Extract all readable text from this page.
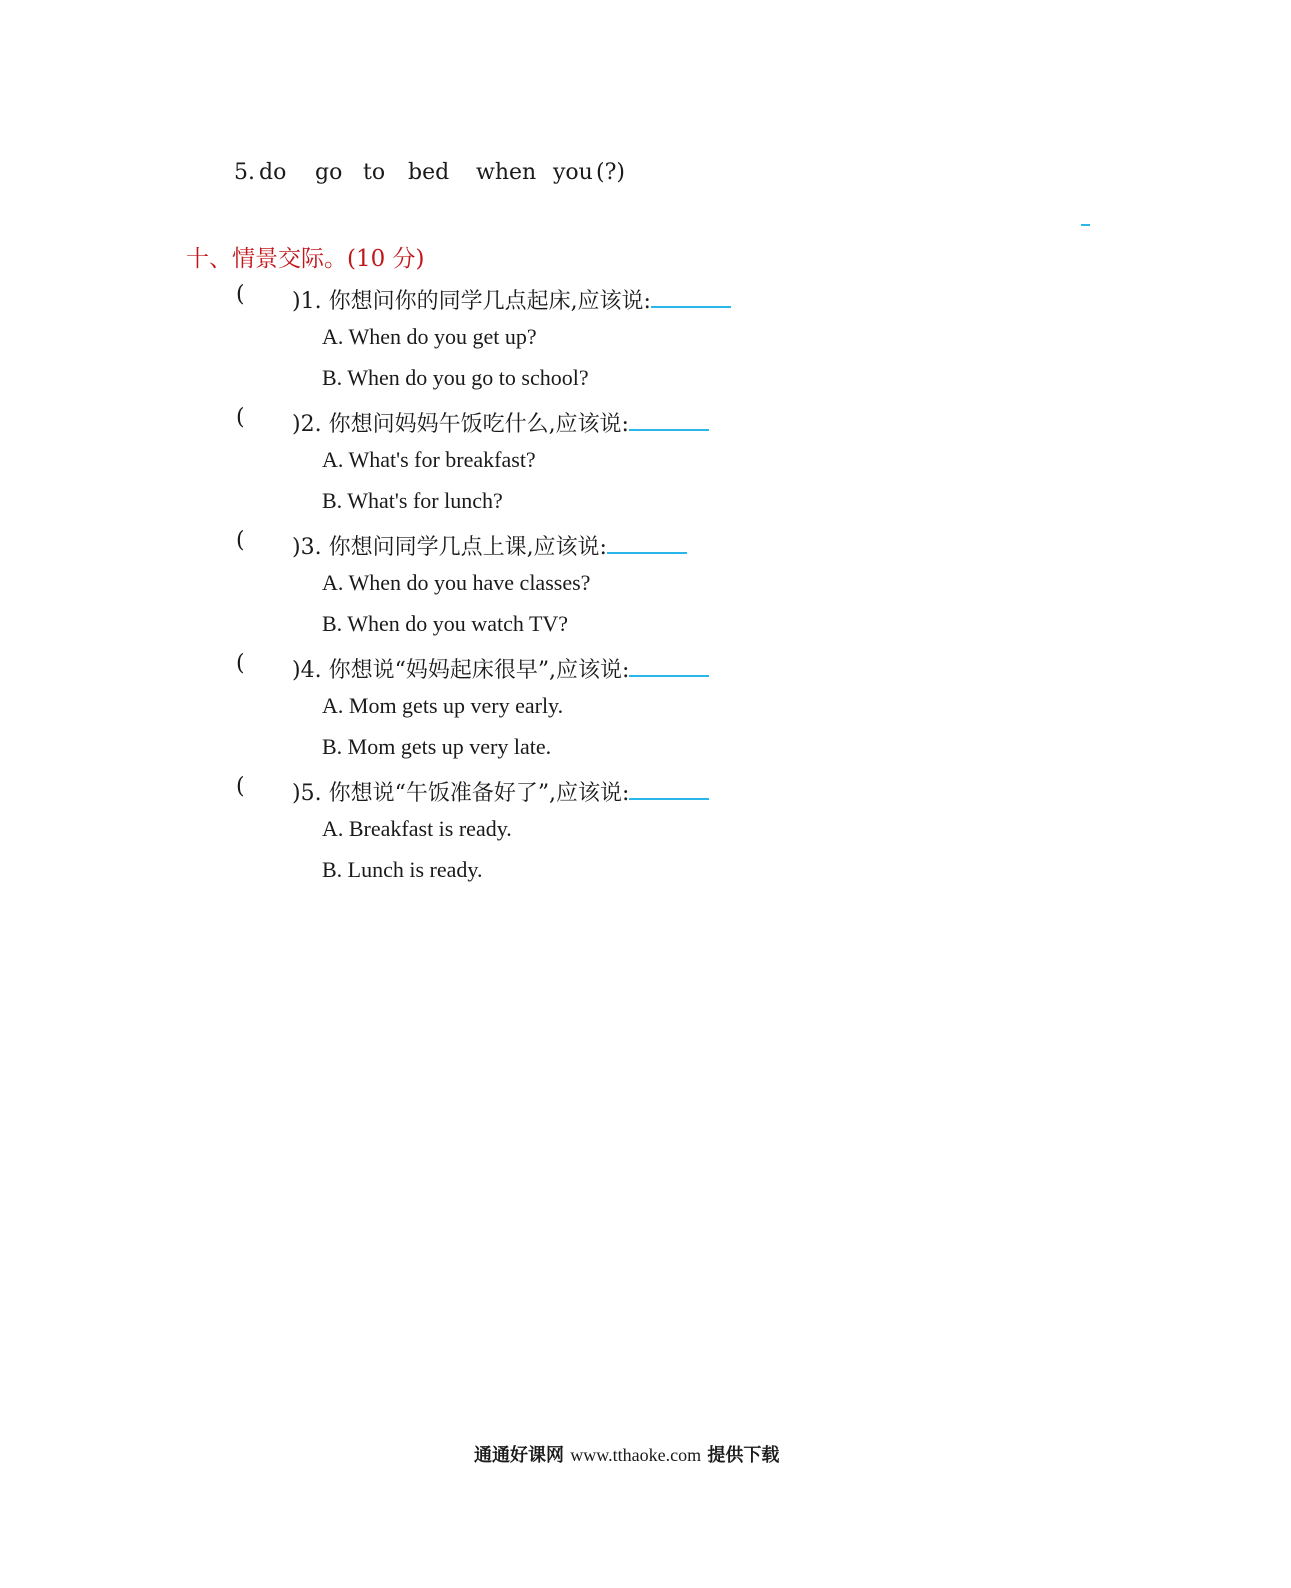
5. do go to bed when you (?)
十、情景交际。(10 分)
( )1. 你想问你的同学几点起床,应该说:
A. When do you get up?
B. When do you go to school?
( )2. 你想问妈妈午饭吃什么,应该说:
A. What's for breakfast?
B. What's for lunch?
( )3. 你想问同学几点上课,应该说:
A. When do you have classes?
B. When do you watch TV?
( )4. 你想说“妈妈起床很早”,应该说:
A. Mom gets up very early.
B. Mom gets up very late.
( )5. 你想说“午饭准备好了”,应该说:
A. Breakfast is ready.
B. Lunch is ready.
通通好课网 www.tthaoke.com 提供下载
